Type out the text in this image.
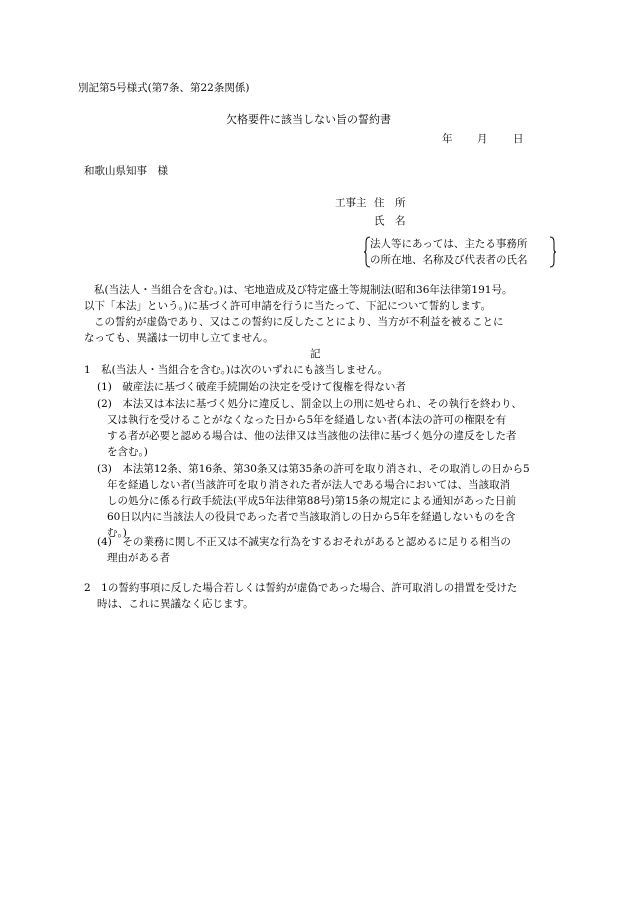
別記第5号様式(第7条、第22条関係)
欠格要件に該当しない旨の誓約書
年 月 日
和歌山県知事　様
工事主 住　所
氏　名
法人等にあっては、主たる事務所
の所在地、名称及び代表者の氏名
私(当法人・当組合を含む。)は、宅地造成及び特定盛土等規制法(昭和36年法律第191号。
以下「本法」という。)に基づく許可申請を行うに当たって、下記について誓約します。
この誓約が虚偽であり、又はこの誓約に反したことにより、当方が不利益を被ることに
なっても、異議は一切申し立てません。
記
1　私(当法人・当組合を含む。)は次のいずれにも該当しません。
(1)　破産法に基づく破産手続開始の決定を受けて復権を得ない者
(2)　本法又は本法に基づく処分に違反し、罰金以上の刑に処せられ、その執行を終わり、
又は執行を受けることがなくなった日から5年を経過しない者(本法の許可の権限を有
する者が必要と認める場合は、他の法律又は当該他の法律に基づく処分の違反をした者
を含む。)
(3)　本法第12条、第16条、第30条又は第35条の許可を取り消され、その取消しの日から5
年を経過しない者(当該許可を取り消された者が法人である場合においては、当該取消
しの処分に係る行政手続法(平成5年法律第88号)第15条の規定による通知があった日前
60日以内に当該法人の役員であった者で当該取消しの日から5年を経過しないものを含
む。)
(4)　その業務に関し不正又は不誠実な行為をするおそれがあると認めるに足りる相当の
理由がある者
2　1の誓約事項に反した場合若しくは誓約が虚偽であった場合、許可取消しの措置を受けた
時は、これに異議なく応じます。
